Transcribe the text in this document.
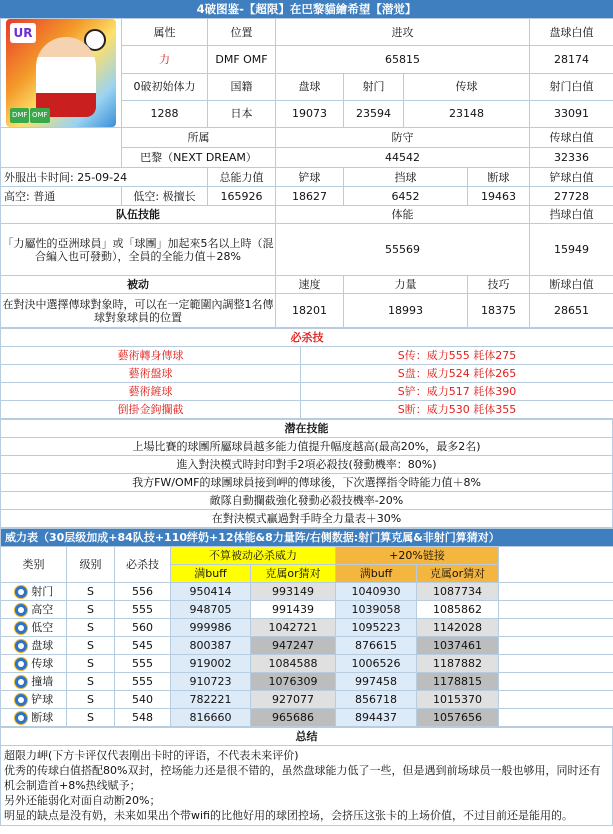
4破图鉴-【超限】在巴黎貓繪希望【潜觉】
UR
DMF OMF	属性	位置	进攻				盘球白值
	力	DMF OMF	65815				28174
	0破初始体力	国籍	盘球	射门	传球		射门白值
	1288	日本	19073	23594	23148		33091
	所属		防守				传球白值
	巴黎（NEXT DREAM）		44542				32336
外服出卡时间: 25-09-24		总能力值	铲球	挡球		断球	铲球白值
高空: 普通	低空: 极擅长	165926	18627	6452		19463	27728
队伍技能			体能				挡球白值
「力屬性的亞洲球員」或「球團」加起來5名以上時（混合編入也可發動），全員的全能力值＋28%			55569				15949
被动			速度	力量		技巧	断球白值
在對決中選擇傳球對象時，可以在一定範圍內調整1名傳球對象球員的位置			18201	18993		18375	28651
必杀技	
藝術轉身傳球	S传：威力555 耗体275
藝術盤球	S盘：威力524 耗体265
藝術鏟球	S铲：威力517 耗体390
倒掛金鉤攔截	S断：威力530 耗体355
潜在技能
上場比賽的球團所屬球員越多能力值提升幅度越高(最高20%，最多2名)
進入對決模式時封印對手2項必殺技(發動機率：80%)
我方FW/OMF的球團球員接到岬的傳球後，下次選擇指令時能力值＋8%
敵隊自動攔截強化發動必殺技機率-20%
在對決模式贏過對手時全力量表＋30%
威力表（30层级加成+84队技+110绊奶+12体能&8力量阵/右侧数据:射门算克属&非射门算猜对）							
类别	级别	必杀技	不算被动必杀威力		+20%链接		
			满buff	克属or猜对	满buff	克属or猜对	
射门	S	556	950414	993149	1040930	1087734	
高空	S	555	948705	991439	1039058	1085862	
低空	S	560	999986	1042721	1095223	1142028	
盘球	S	545	800387	947247	876615	1037461	
传球	S	555	919002	1084588	1006526	1187882	
撞墙	S	555	910723	1076309	997458	1178815	
铲球	S	540	782221	927077	856718	1015370	
断球	S	548	816660	965686	894437	1057656	
总结

超限力岬(下方卡评仅代表刚出卡时的评语，不代表未来评价)
优秀的传球白值搭配80%双封，控场能力还是很不错的，虽然盘球能力低了一些，但是遇到前场球员一般也够用，同时还有机会制造首+8%热线赋予；
另外还能弱化对面自动断20%；
明显的缺点是没有奶，未来如果出个带wifi的比他好用的球团控场，会挤压这张卡的上场价值，不过目前还是能用的。
